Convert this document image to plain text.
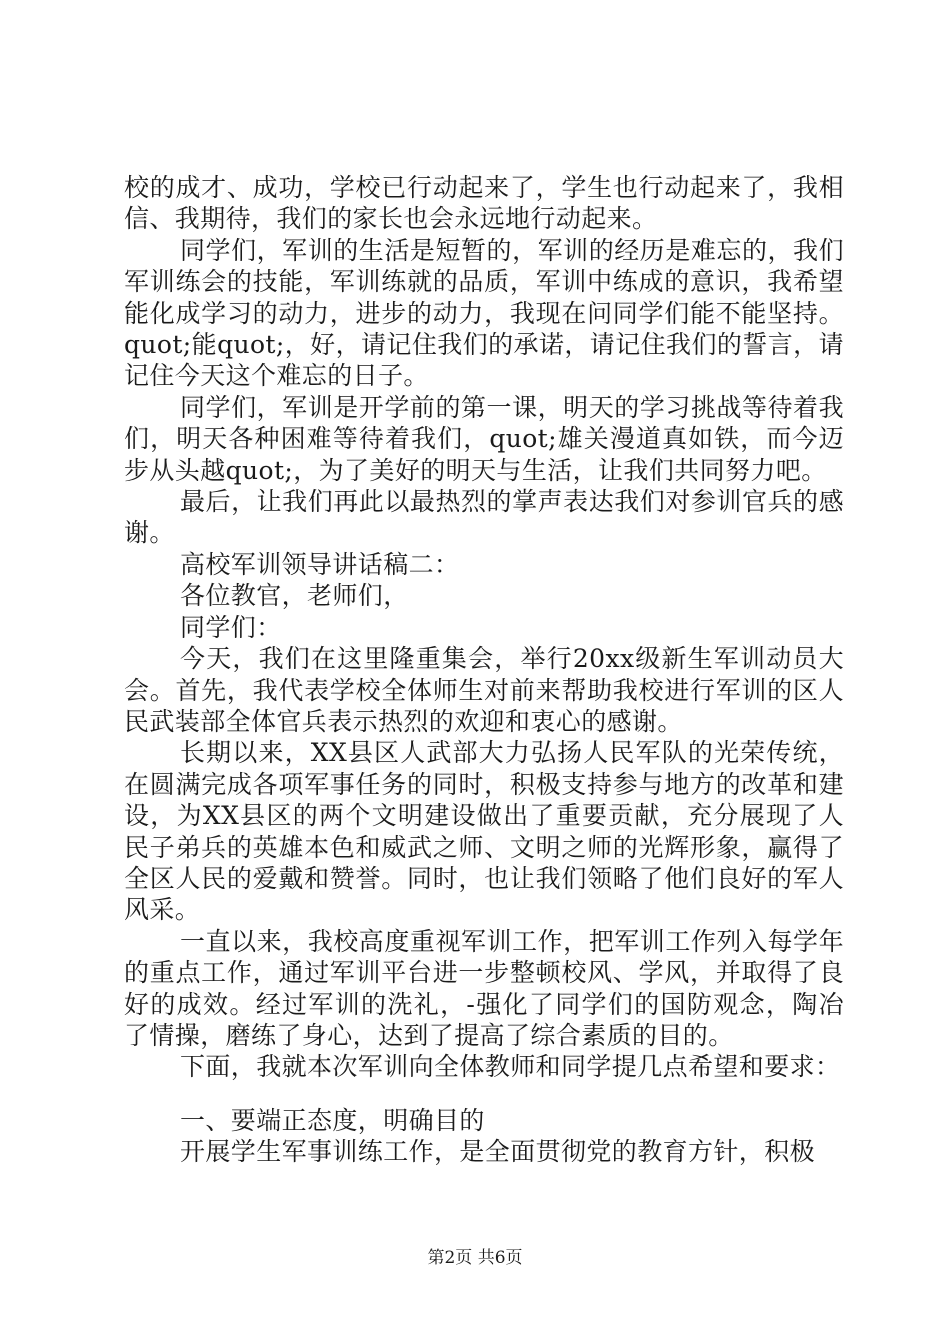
校的成才、成功，学校已行动起来了，学生也行动起来了，我相信、我期待，我们的家长也会永远地行动起来。

同学们，军训的生活是短暂的，军训的经历是难忘的，我们军训练会的技能，军训练就的品质，军训中练成的意识，我希望能化成学习的动力，进步的动力，我现在问同学们能不能坚持。quot;能quot;，好，请记住我们的承诺，请记住我们的誓言，请记住今天这个难忘的日子。

同学们，军训是开学前的第一课，明天的学习挑战等待着我们，明天各种困难等待着我们，quot;雄关漫道真如铁，而今迈步从头越quot;，为了美好的明天与生活，让我们共同努力吧。

最后，让我们再此以最热烈的掌声表达我们对参训官兵的感谢。

高校军训领导讲话稿二：

各位教官，老师们，

同学们：

今天，我们在这里隆重集会，举行20xx级新生军训动员大会。首先，我代表学校全体师生对前来帮助我校进行军训的区人民武装部全体官兵表示热烈的欢迎和衷心的感谢。

长期以来，XX县区人武部大力弘扬人民军队的光荣传统，在圆满完成各项军事任务的同时，积极支持参与地方的改革和建设，为XX县区的两个文明建设做出了重要贡献，充分展现了人民子弟兵的英雄本色和威武之师、文明之师的光辉形象，赢得了全区人民的爱戴和赞誉。同时，也让我们领略了他们良好的军人风采。

一直以来，我校高度重视军训工作，把军训工作列入每学年的重点工作，通过军训平台进一步整顿校风、学风，并取得了良好的成效。经过军训的洗礼，-强化了同学们的国防观念，陶冶了情操，磨练了身心，达到了提高了综合素质的目的。

下面，我就本次军训向全体教师和同学提几点希望和要求：

一、要端正态度，明确目的

开展学生军事训练工作，是全面贯彻党的教育方针，积极

第2页 共6页
